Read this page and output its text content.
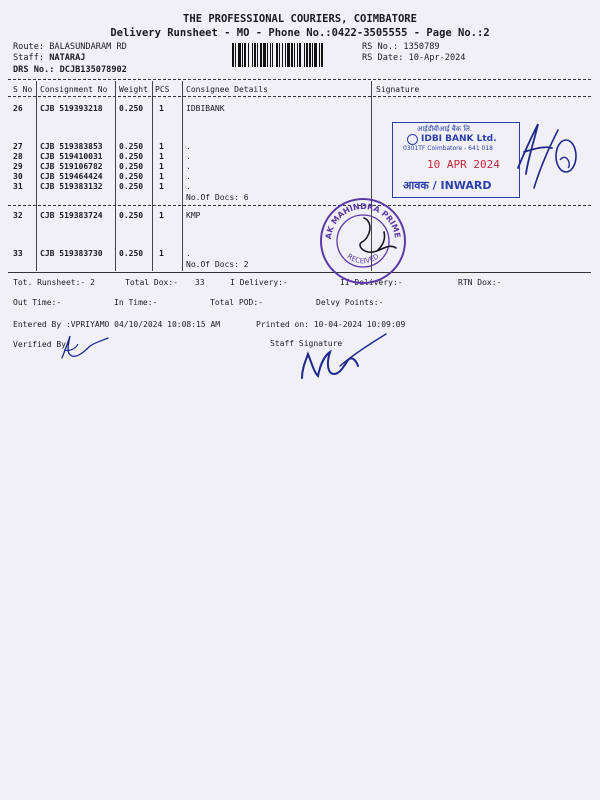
THE PROFESSIONAL COURIERS, COIMBATORE
Delivery Runsheet - MO - Phone No.:0422-3505555 - Page No.:2
Route: BALASUNDARAM RD
Staff: NATARAJ
DRS No.: DCJB135078902
RS No.: 1350789
RS Date: 10-Apr-2024
S No Consignment No Weight PCS Consignee Details	Signature
26 CJB 519393218 0.250 1	IDBIBANK
27 CJB 519383853 0.250 1	.
28 CJB 519410031 0.250 1	.
29 CJB 519106782 0.250 1	.
30 CJB 519464424 0.250 1	.
31 CJB 519383132 0.250 1	.
No.Of Docs: 6
32 CJB 519383724 0.250 1	KMP
33 CJB 519383730 0.250 1	.
No.Of Docs: 2
Tot. Runsheet:- 2	Total Dox:- 33	I Delivery:-	II Delivery:-	RTN Dox:-
Out Time:-	In Time:-	Total POD:-	Delvy Points:-
Entered By :VPRIYAMO 04/10/2024 10:08:15 AM	Printed on: 10-04-2024 10:09:09
Verified By	Staff Signature
आईडीबीआई बैंक लि.
IDBI BANK Ltd.
0301TF Coimbatore - 641 018
10 APR 2024
आवक / INWARD
KOTAK MAHINDRA PRIME LTD
RECEIVED
